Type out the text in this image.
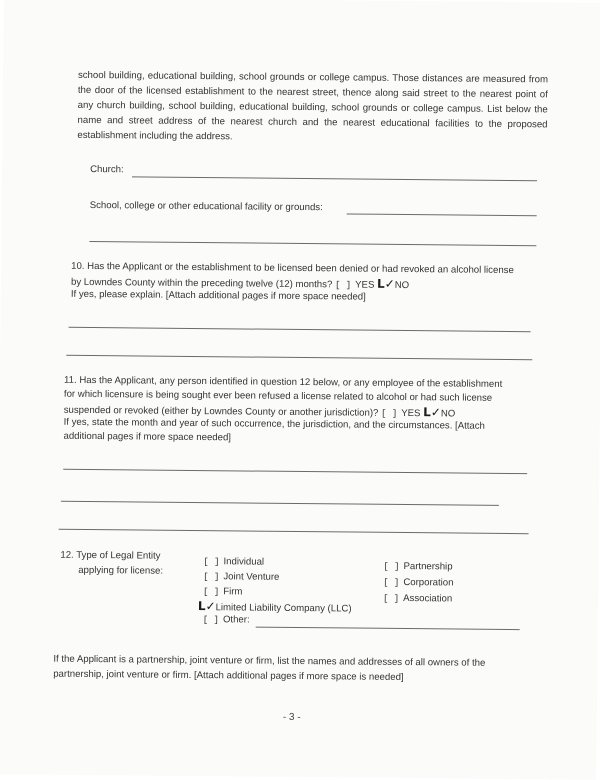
school building, educational building, school grounds or college campus. Those distances are measured from the door of the licensed establishment to the nearest street, thence along said street to the nearest point of any church building, school building, educational building, school grounds or college campus. List below the name and street address of the nearest church and the nearest educational facilities to the proposed establishment including the address.
Church:
School, college or other educational facility or grounds:
10. Has the Applicant or the establishment to be licensed been denied or had revoked an alcohol license
by Lowndes County within the preceding twelve (12) months? [ ] YES L✓NO
If yes, please explain. [Attach additional pages if more space needed]
11. Has the Applicant, any person identified in question 12 below, or any employee of the establishment
for which licensure is being sought ever been refused a license related to alcohol or had such license
suspended or revoked (either by Lowndes County or another jurisdiction)? [ ] YES L✓NO
If yes, state the month and year of such occurrence, the jurisdiction, and the circumstances. [Attach
additional pages if more space needed]
12. Type of Legal Entity
applying for license:
[ ] Individual
[ ] Joint Venture
[ ] Firm
L✓Limited Liability Company (LLC)
[ ] Other:
[ ] Partnership
[ ] Corporation
[ ] Association
If the Applicant is a partnership, joint venture or firm, list the names and addresses of all owners of the
partnership, joint venture or firm. [Attach additional pages if more space is needed]
- 3 -
